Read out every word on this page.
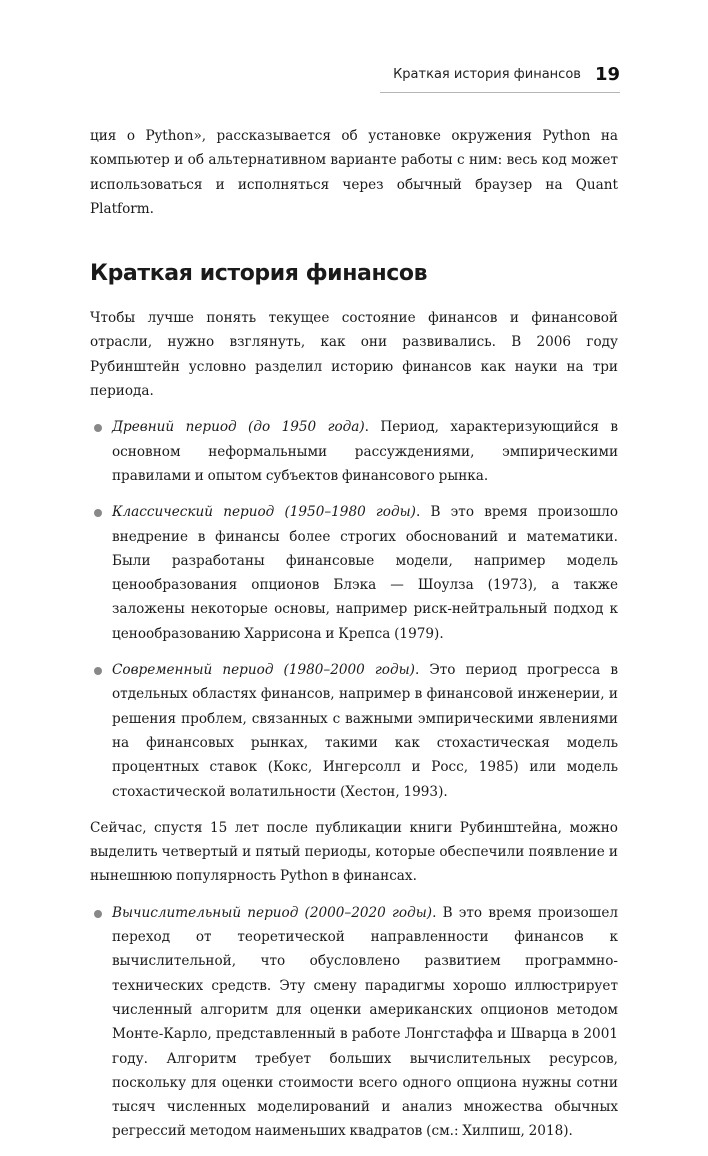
Краткая история финансов 19

ция о Python», рассказывается об установке окружения Python на компьютер и об альтернативном варианте работы с ним: весь код может использоваться и исполняться через обычный браузер на Quant Platform.

Краткая история финансов

Чтобы лучше понять текущее состояние финансов и финансовой отрасли, нужно взглянуть, как они развивались. В 2006 году Рубинштейн условно разделил историю финансов как науки на три периода.

Древний период (до 1950 года). Период, характеризующийся в основном неформальными рассуждениями, эмпирическими правилами и опытом субъектов финансового рынка.

Классический период (1950–1980 годы). В это время произошло внедрение в финансы более строгих обоснований и математики. Были разработаны финансовые модели, например модель ценообразования опционов Блэка — Шоулза (1973), а также заложены некоторые основы, например риск-нейтральный подход к ценообразованию Харрисона и Крепса (1979).

Современный период (1980–2000 годы). Это период прогресса в отдельных областях финансов, например в финансовой инженерии, и решения проблем, связанных с важными эмпирическими явлениями на финансовых рынках, такими как стохастическая модель процентных ставок (Кокс, Ингерсолл и Росс, 1985) или модель стохастической волатильности (Хестон, 1993).

Сейчас, спустя 15 лет после публикации книги Рубинштейна, можно выделить четвертый и пятый периоды, которые обеспечили появление и нынешнюю популярность Python в финансах.

Вычислительный период (2000–2020 годы). В это время произошел переход от теоретической направленности финансов к вычислительной, что обусловлено развитием программно-технических средств. Эту смену парадигмы хорошо иллюстрирует численный алгоритм для оценки американских опционов методом Монте-Карло, представленный в работе Лонгстаффа и Шварца в 2001 году. Алгоритм требует больших вычислительных ресурсов, поскольку для оценки стоимости всего одного опциона нужны сотни тысяч численных моделирований и анализ множества обычных регрессий методом наименьших квадратов (см.: Хилпиш, 2018).
